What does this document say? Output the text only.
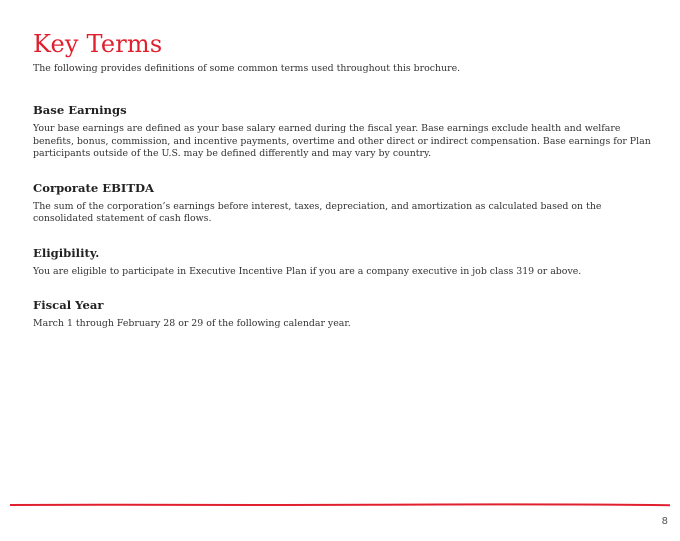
Key Terms

The following provides definitions of some common terms used throughout this brochure.

Base Earnings

Your base earnings are defined as your base salary earned during the fiscal year. Base earnings exclude health and welfare benefits, bonus, commission, and incentive payments, overtime and other direct or indirect compensation. Base earnings for Plan participants outside of the U.S. may be defined differently and may vary by country.

Corporate EBITDA

The sum of the corporation’s earnings before interest, taxes, depreciation, and amortization as calculated based on the consolidated statement of cash flows.

Eligibility.

You are eligible to participate in Executive Incentive Plan if you are a company executive in job class 319 or above.

Fiscal Year

March 1 through February 28 or 29 of the following calendar year.

8
